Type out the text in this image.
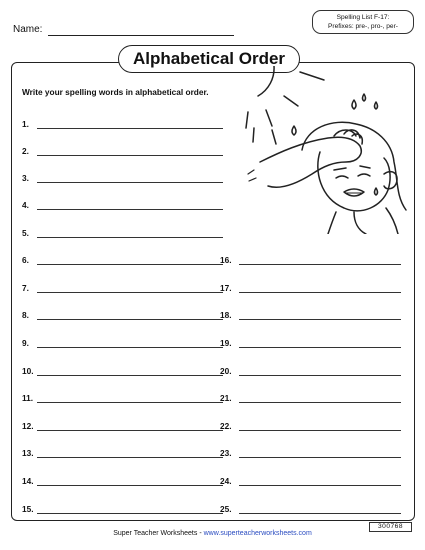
Name:
Spelling List F-17:
Prefixes: pre-, pro-, per-
Alphabetical Order
Write your spelling words in alphabetical order.
1.
2.
3.
4.
5.
6.
7.
8.
9.
10.
11.
12.
13.
14.
15.
16.
17.
18.
19.
20.
21.
22.
23.
24.
25.
Super Teacher Worksheets - www.superteacherworksheets.com
300768
